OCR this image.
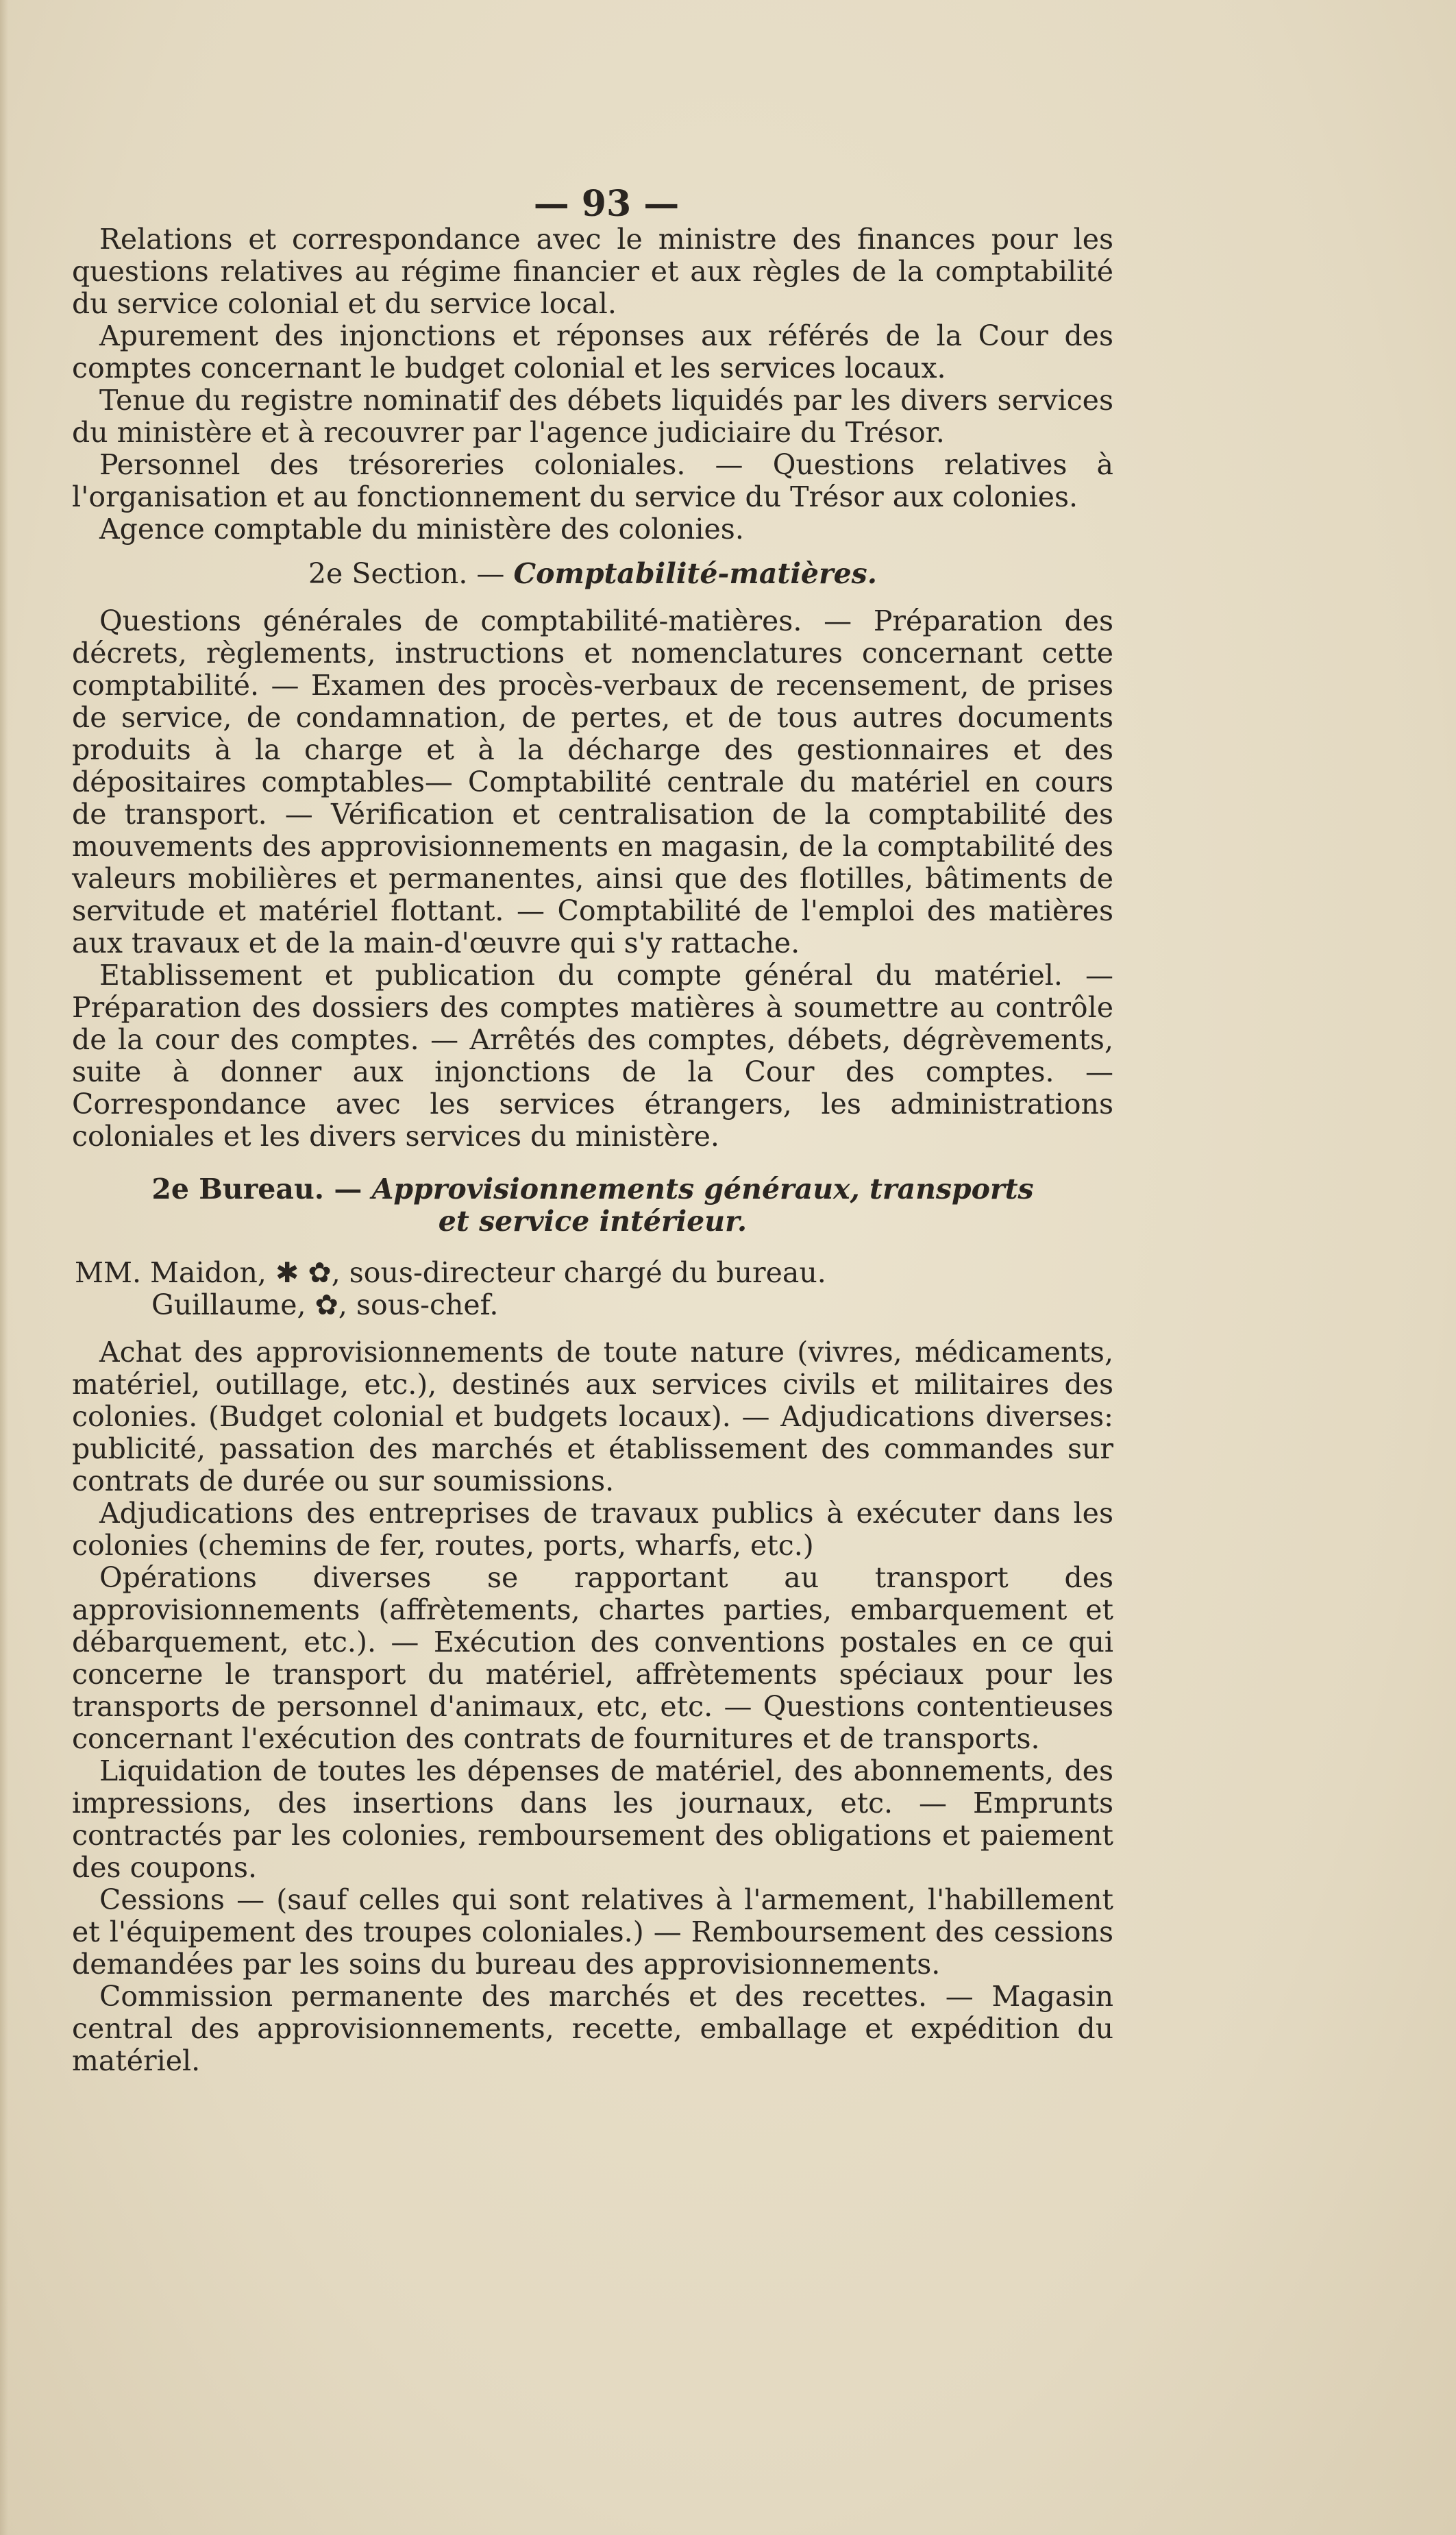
— 93 —

Relations et correspondance avec le ministre des finances pour les questions relatives au régime financier et aux règles de la comptabilité du service colonial et du service local.

Apurement des injonctions et réponses aux référés de la Cour des comptes concernant le budget colonial et les services locaux.

Tenue du registre nominatif des débets liquidés par les divers services du ministère et à recouvrer par l'agence judiciaire du Trésor.

Personnel des trésoreries coloniales. — Questions relatives à l'organisation et au fonctionnement du service du Trésor aux colonies.

Agence comptable du ministère des colonies.

2e Section. — Comptabilité-matières.

Questions générales de comptabilité-matières. — Préparation des décrets, règlements, instructions et nomenclatures concernant cette comptabilité. — Examen des procès-verbaux de recensement, de prises de service, de condamnation, de pertes, et de tous autres documents produits à la charge et à la décharge des gestionnaires et des dépositaires comptables— Comptabilité centrale du matériel en cours de transport. — Vérification et centralisation de la comptabilité des mouvements des approvisionnements en magasin, de la comptabilité des valeurs mobilières et permanentes, ainsi que des flotilles, bâtiments de servitude et matériel flottant. — Comptabilité de l'emploi des matières aux travaux et de la main-d'œuvre qui s'y rattache.

Etablissement et publication du compte général du matériel. — Préparation des dossiers des comptes matières à soumettre au contrôle de la cour des comptes. — Arrêtés des comptes, débets, dégrèvements, suite à donner aux injonctions de la Cour des comptes. — Correspondance avec les services étrangers, les administrations coloniales et les divers services du ministère.

2e Bureau. — Approvisionnements généraux, transports
et service intérieur.
MM. Maidon, ✱ ✿, sous-directeur chargé du bureau.
Guillaume, ✿, sous-chef.

Achat des approvisionnements de toute nature (vivres, médicaments, matériel, outillage, etc.), destinés aux services civils et militaires des colonies. (Budget colonial et budgets locaux). — Adjudications diverses: publicité, passation des marchés et établissement des commandes sur contrats de durée ou sur soumissions.

Adjudications des entreprises de travaux publics à exécuter dans les colonies (chemins de fer, routes, ports, wharfs, etc.)

Opérations diverses se rapportant au transport des approvisionnements (affrètements, chartes parties, embarquement et débarquement, etc.). — Exécution des conventions postales en ce qui concerne le transport du matériel, affrètements spéciaux pour les transports de personnel d'animaux, etc, etc. — Questions contentieuses concernant l'exécution des contrats de fournitures et de transports.

Liquidation de toutes les dépenses de matériel, des abonnements, des impressions, des insertions dans les journaux, etc. — Emprunts contractés par les colonies, remboursement des obligations et paiement des coupons.

Cessions — (sauf celles qui sont relatives à l'armement, l'habillement et l'équipement des troupes coloniales.) — Remboursement des cessions demandées par les soins du bureau des approvisionnements.

Commission permanente des marchés et des recettes. — Magasin central des approvisionnements, recette, emballage et expédition du matériel.
